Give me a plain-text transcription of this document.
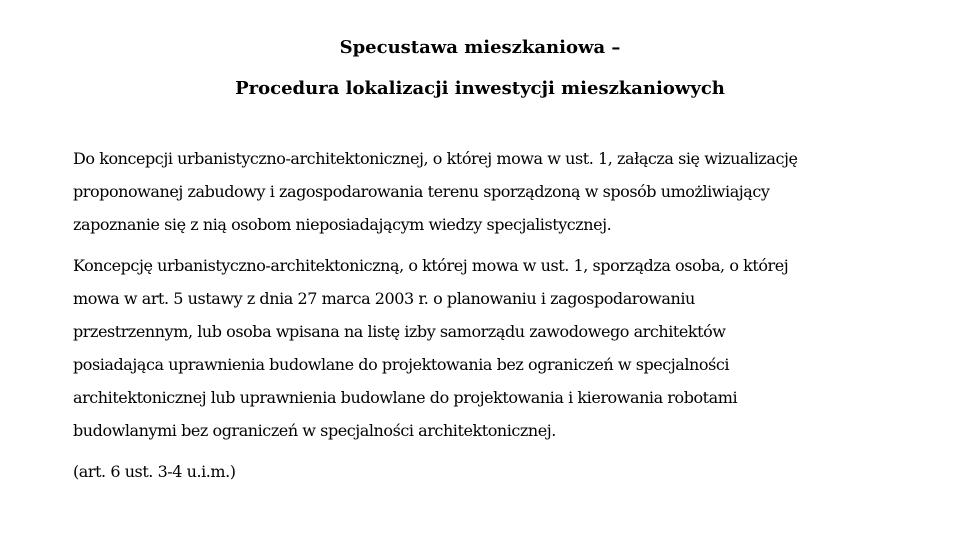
Specustawa mieszkaniowa –
Procedura lokalizacji inwestycji mieszkaniowych

Do koncepcji urbanistyczno-architektonicznej, o której mowa w ust. 1, załącza się wizualizację
proponowanej zabudowy i zagospodarowania terenu sporządzoną w sposób umożliwiający
zapoznanie się z nią osobom nieposiadającym wiedzy specjalistycznej.

Koncepcję urbanistyczno-architektoniczną, o której mowa w ust. 1, sporządza osoba, o której
mowa w art. 5 ustawy z dnia 27 marca 2003 r. o planowaniu i zagospodarowaniu
przestrzennym, lub osoba wpisana na listę izby samorządu zawodowego architektów
posiadająca uprawnienia budowlane do projektowania bez ograniczeń w specjalności
architektonicznej lub uprawnienia budowlane do projektowania i kierowania robotami
budowlanymi bez ograniczeń w specjalności architektonicznej.

(art. 6 ust. 3-4 u.i.m.)
